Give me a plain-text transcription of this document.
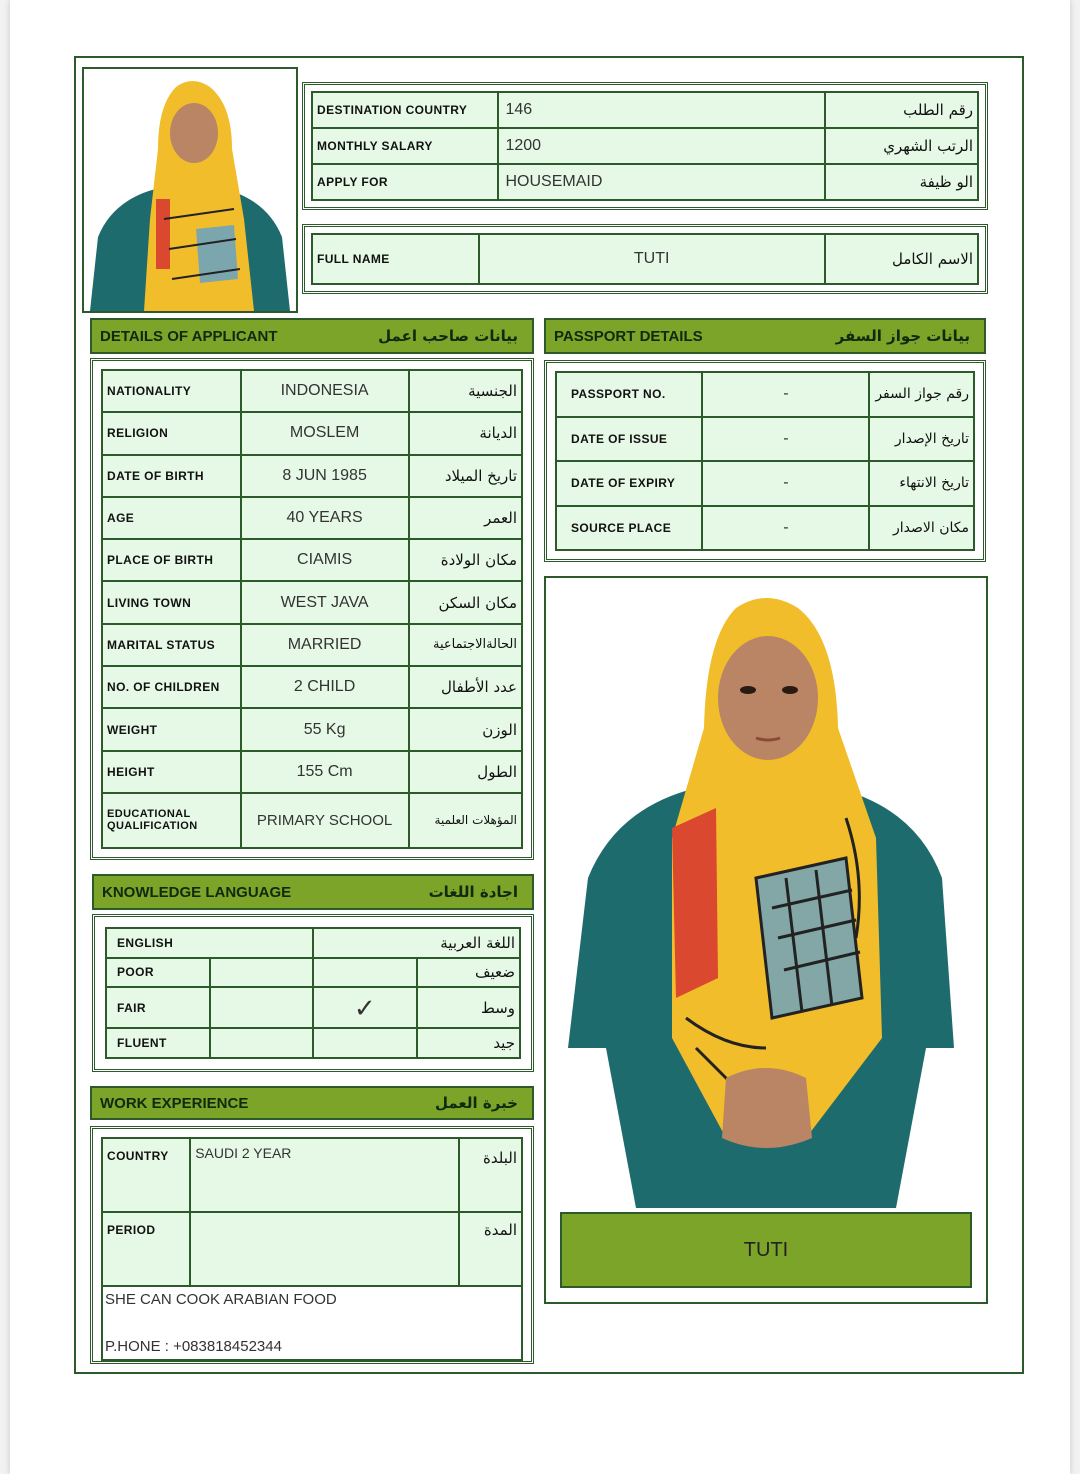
DESTINATION COUNTRY	146	رقم الطلب
MONTHLY SALARY	1200	الرتب الشهري
APPLY FOR	HOUSEMAID	الو ظيفة
FULL NAME	TUTI	الاسم الكامل
DETAILS OF APPLICANT	بيانات صاحب اعمل
NATIONALITY	INDONESIA	الجنسية
RELIGION	MOSLEM	الديانة
DATE OF BIRTH	8 JUN 1985	تاريخ الميلاد
AGE	40 YEARS	العمر
PLACE OF BIRTH	CIAMIS	مكان الولادة
LIVING TOWN	WEST JAVA	مكان السكن
MARITAL STATUS	MARRIED	الحالةالاجتماعية
NO. OF CHILDREN	2 CHILD	عدد الأطفال
WEIGHT	55 Kg	الوزن
HEIGHT	155 Cm	الطول
EDUCATIONAL QUALIFICATION	PRIMARY SCHOOL	المؤهلات العلمية
PASSPORT DETAILS	بيانات جواز السفر
PASSPORT NO.	-	رقم جواز السفر
DATE OF ISSUE	-	تاريخ الإصدار
DATE OF EXPIRY	-	تاريخ الانتهاء
SOURCE PLACE	-	مكان الاصدار
TUTI
KNOWLEDGE LANGUAGE	اجادة اللغات
ENGLISH		اللغة العربية	
POOR			ضعيف
FAIR		✓	وسط
FLUENT			جيد
WORK EXPERIENCE	خبرة العمل
COUNTRY	SAUDI 2 YEAR	البلدة
PERIOD		المدة

SHE CAN COOK ARABIAN FOOD
P.HONE : +083818452344		
